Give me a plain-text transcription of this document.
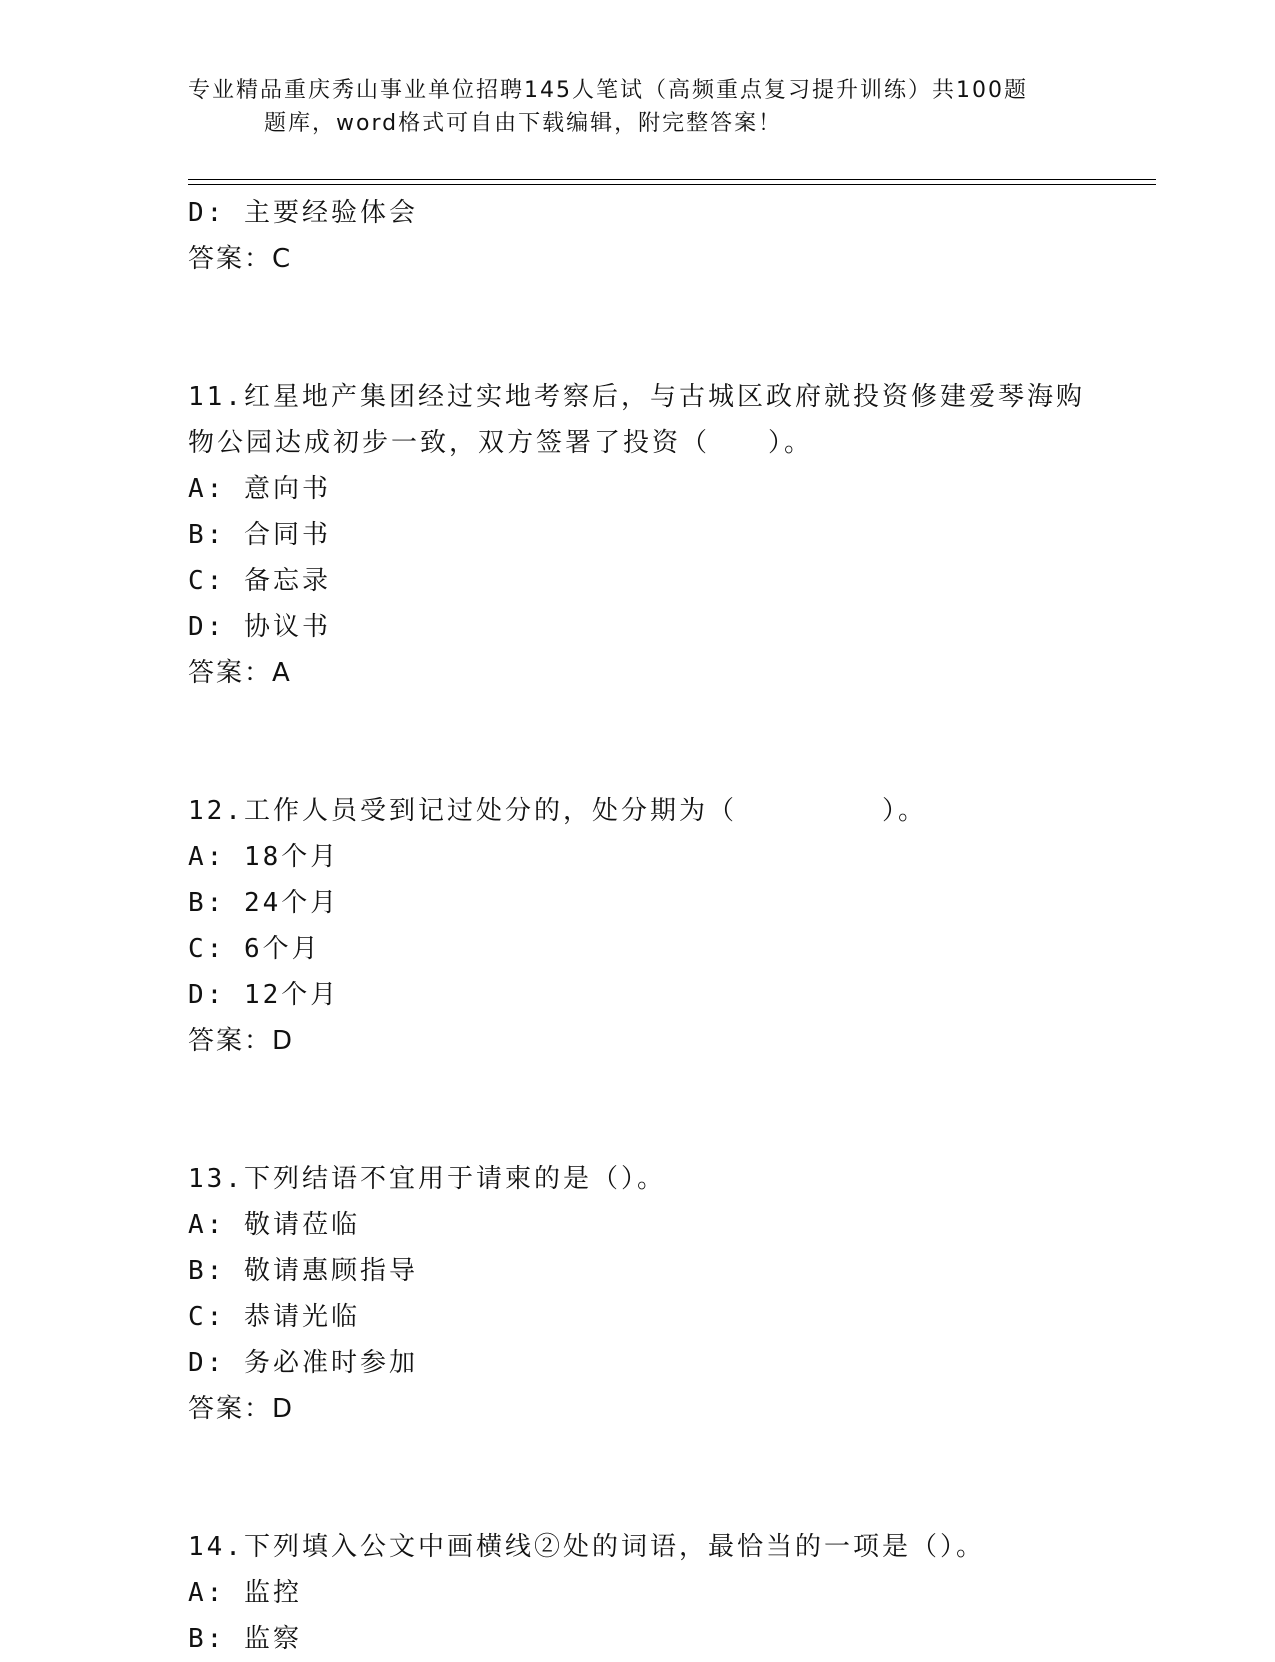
专业精品重庆秀山事业单位招聘145人笔试（高频重点复习提升训练）共100题
题库，word格式可自由下载编辑，附完整答案！
D: 主要经验体会
答案：C
11.红星地产集团经过实地考察后，与古城区政府就投资修建爱琴海购
物公园达成初步一致，双方签署了投资（　　）。
A: 意向书
B: 合同书
C: 备忘录
D: 协议书
答案：A
12.工作人员受到记过处分的，处分期为（　　　　　）。
A: 18个月
B: 24个月
C: 6个月
D: 12个月
答案：D
13.下列结语不宜用于请柬的是（）。
A: 敬请莅临
B: 敬请惠顾指导
C: 恭请光临
D: 务必准时参加
答案：D
14.下列填入公文中画横线②处的词语，最恰当的一项是（）。
A: 监控
B: 监察
